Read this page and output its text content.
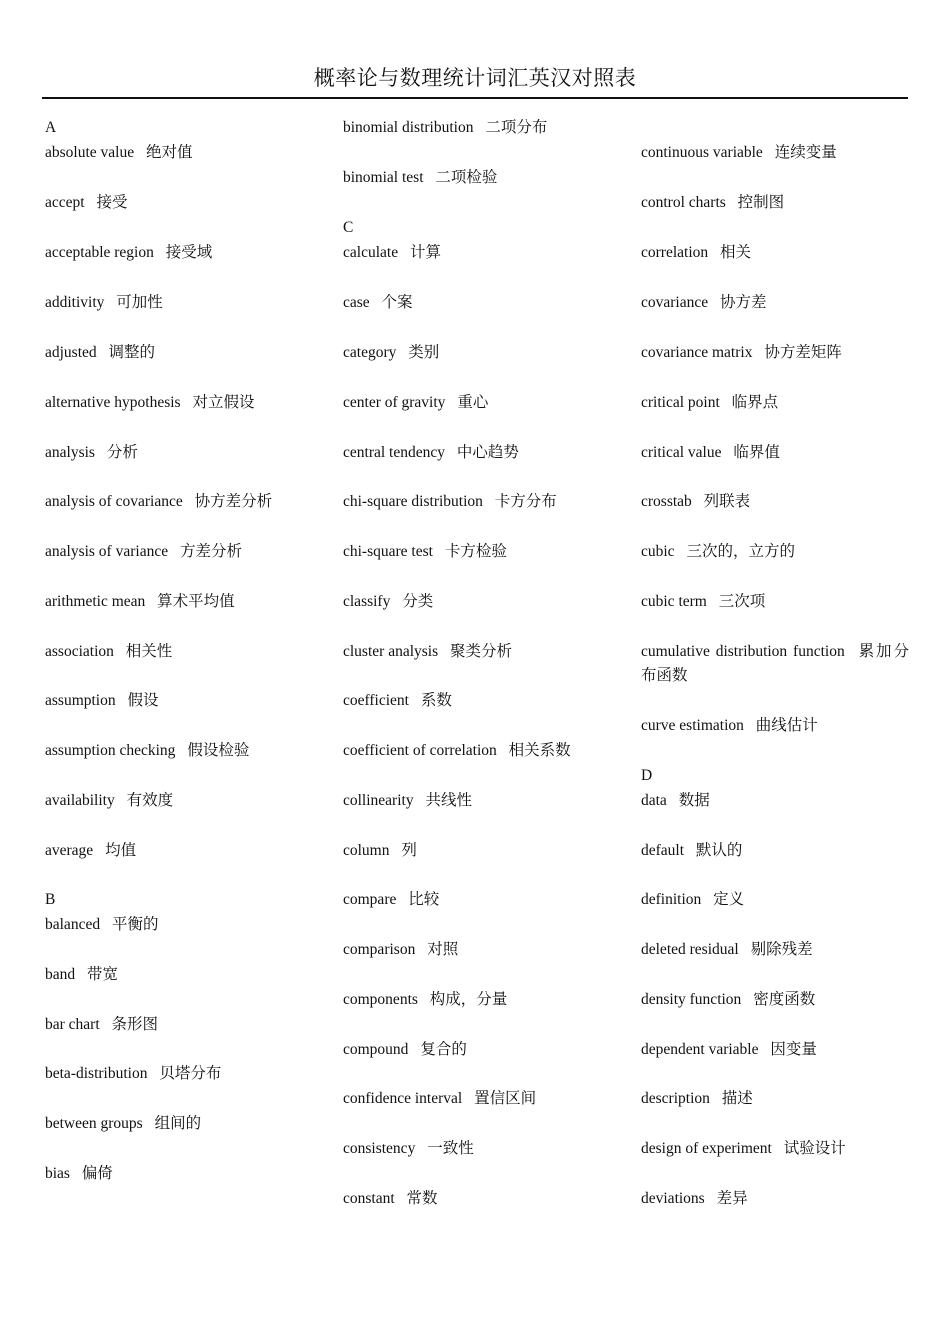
概率论与数理统计词汇英汉对照表
A
absolute value 绝对值
accept 接受
acceptable region 接受域
additivity 可加性
adjusted 调整的
alternative hypothesis 对立假设
analysis 分析
analysis of covariance 协方差分析
analysis of variance 方差分析
arithmetic mean 算术平均值
association 相关性
assumption 假设
assumption checking 假设检验
availability 有效度
average 均值
B
balanced 平衡的
band 带宽
bar chart 条形图
beta-distribution 贝塔分布
between groups 组间的
bias 偏倚
binomial distribution 二项分布
binomial test 二项检验
C
calculate 计算
case 个案
category 类别
center of gravity 重心
central tendency 中心趋势
chi-square distribution 卡方分布
chi-square test 卡方检验
classify 分类
cluster analysis 聚类分析
coefficient 系数
coefficient of correlation 相关系数
collinearity 共线性
column 列
compare 比较
comparison 对照
components 构成，分量
compound 复合的
confidence interval 置信区间
consistency 一致性
constant 常数
continuous variable 连续变量
control charts 控制图
correlation 相关
covariance 协方差
covariance matrix 协方差矩阵
critical point 临界点
critical value 临界值
crosstab 列联表
cubic 三次的，立方的
cubic term 三次项
cumulative distribution function 累加分布函数
curve estimation 曲线估计
D
data 数据
default 默认的
definition 定义
deleted residual 剔除残差
density function 密度函数
dependent variable 因变量
description 描述
design of experiment 试验设计
deviations 差异
